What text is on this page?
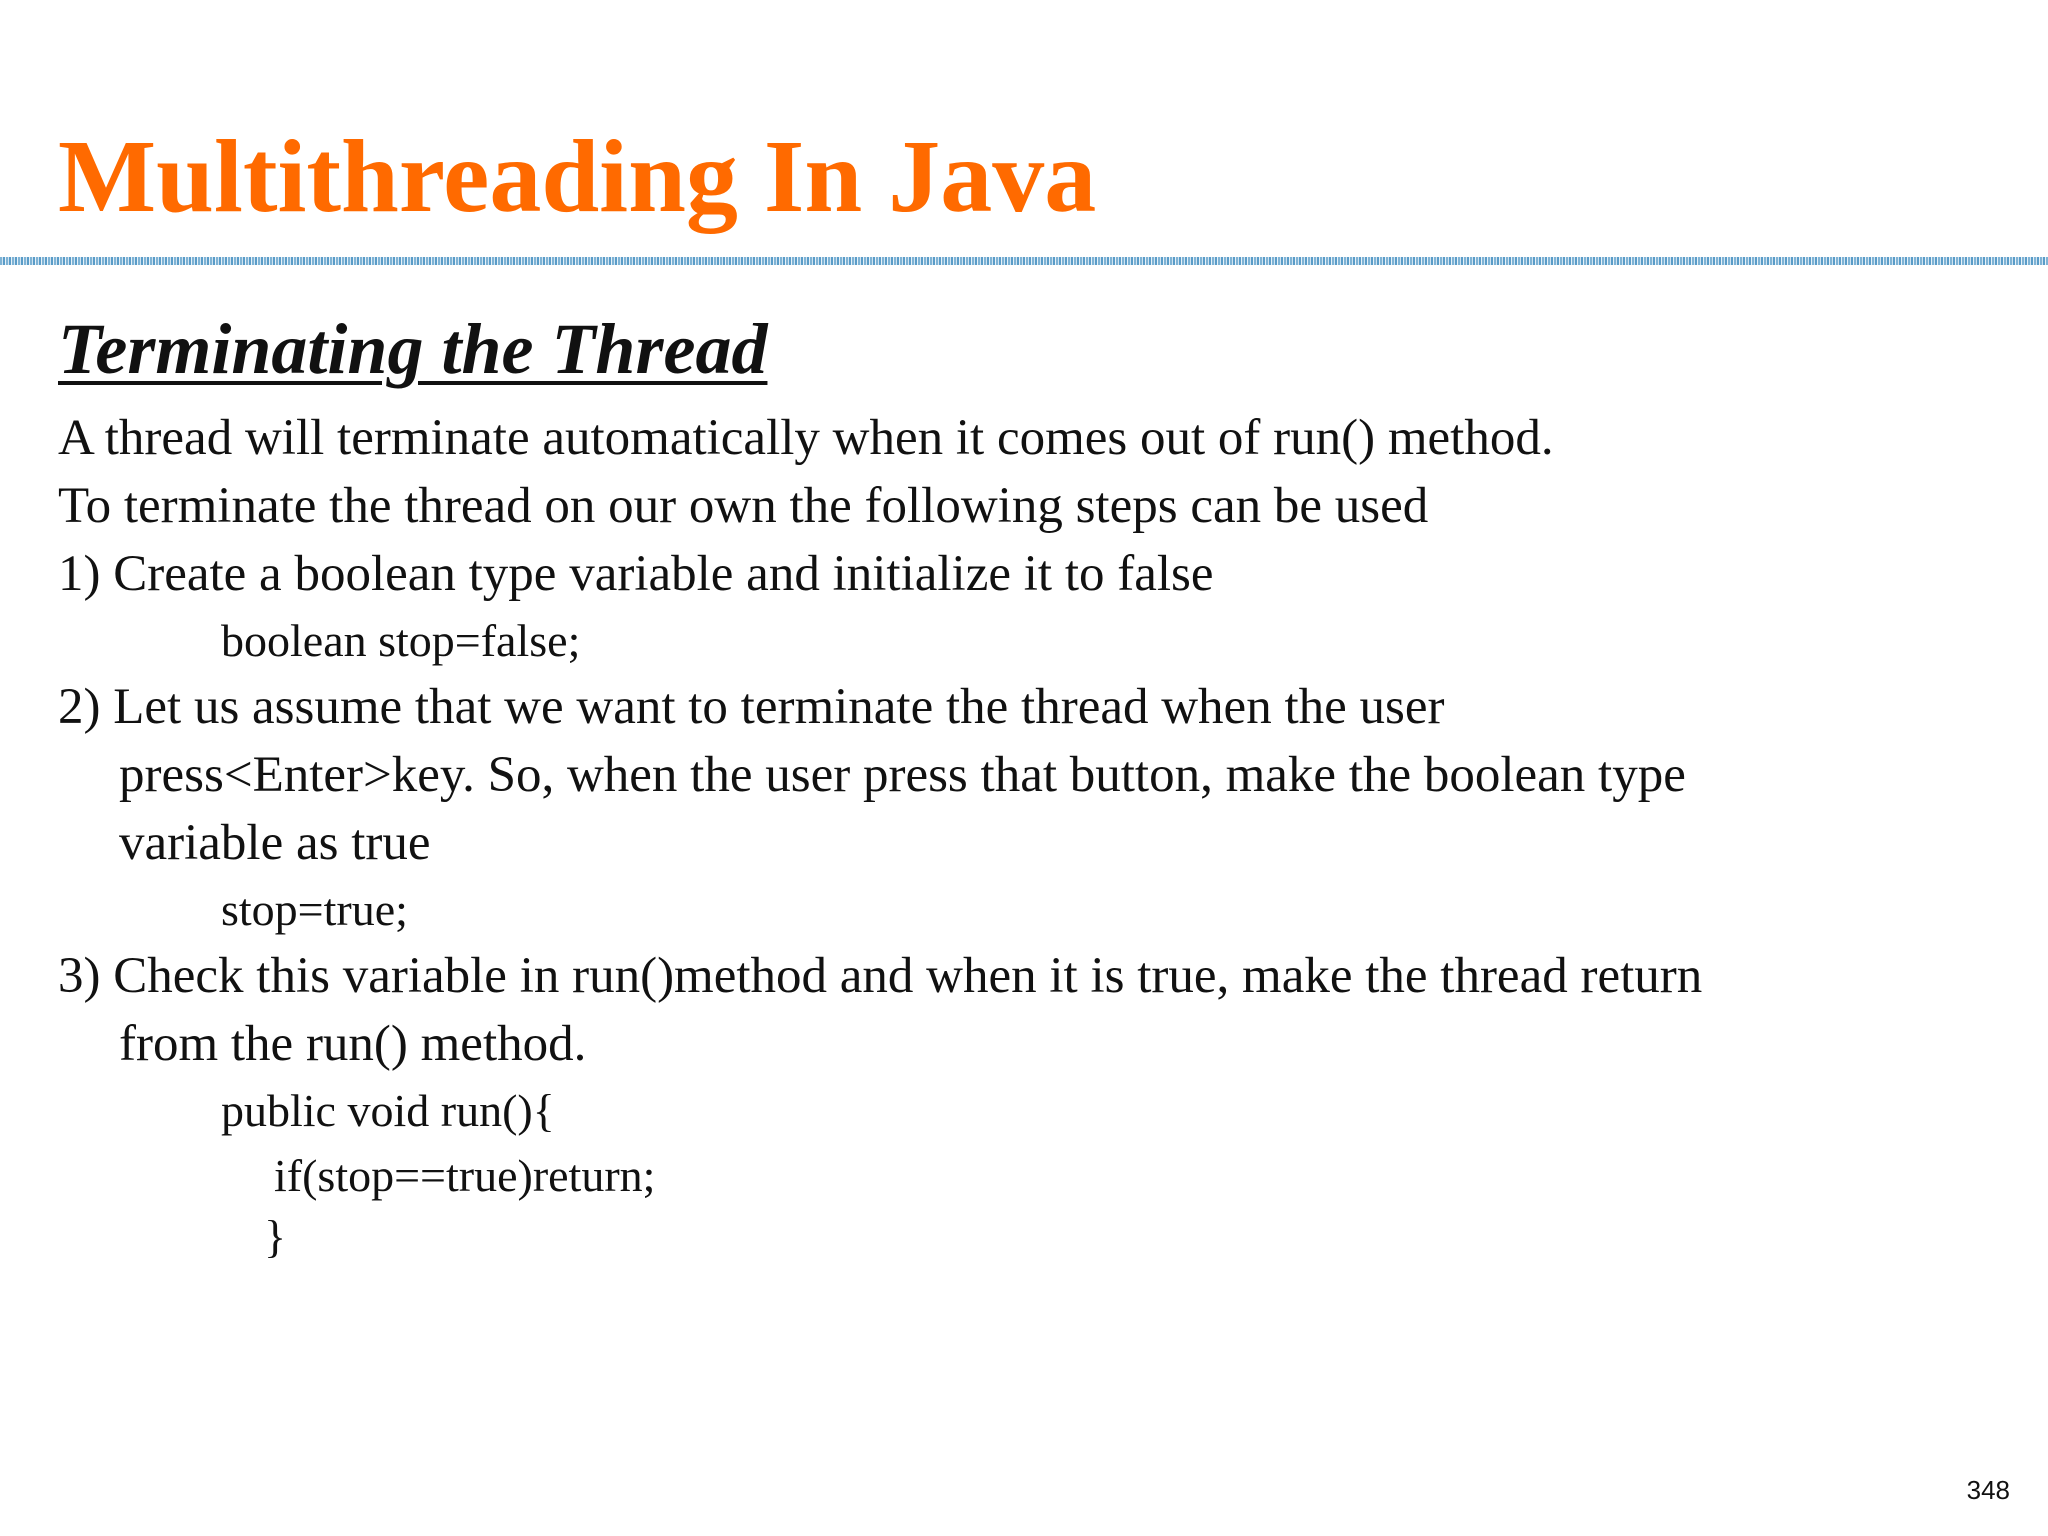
Multithreading In Java
Terminating the Thread
A thread will terminate automatically when it comes out of run() method.
To terminate the thread on our own the following steps can be used
1) Create a boolean type variable and initialize it to false
boolean stop=false;
2) Let us assume that we want to terminate the thread when the user
press<Enter>key. So, when the user press that button, make the boolean type
variable as true
stop=true;
3) Check this variable in run()method and when it is true, make the thread return
from the run() method.
public void run(){
if(stop==true)return;
}
348
